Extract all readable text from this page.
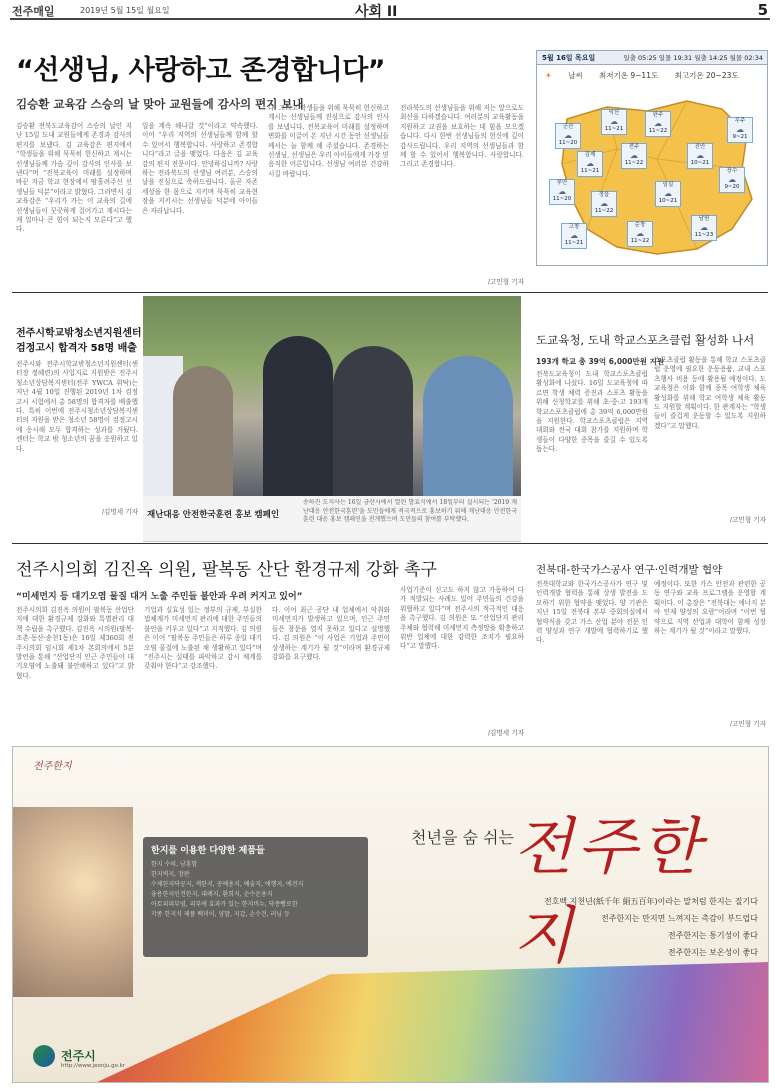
전주매일	2019년 5월 15일 월요일	사회 II	5
“선생님, 사랑하고 존경합니다”
김승환 교육감 스승의 날 맞아 교원들에 감사의 편지 보내
김승환 전북도교육감이 스승의 날인 지난 15일 도내 교원들에게 존경과 감사의 편지를 보냈다. 김 교육감은 편지에서 “학생들을 위해 묵묵히 헌신하고 계시는 선생님들께 가슴 깊이 감사의 인사를 보낸다”며 “전북교육이 미래를 설정하며 바꾼 지금 학교 현장에서 땀흘려주신 선생님들 덕분”이라고 밝혔다. 그러면서 김 교육감은 “우리가 가는 이 교육의 길에 선생님들이 꿋꿋하게 걸어가고 계시다는 게 얼마나 큰 힘이 되는지 모른다”고 했다.
일을 계속 해나갈 것”이라고 약속했다. 이어 “우리 지역의 선생님들께 함께 할 수 있어서 행복합니다. 사랑하고 존경합니다”라고 글을 맺었다. 다음은 김 교육감의 편지 전문이다. 안녕하십니까? 사랑하는 전라북도의 선생님 여러분, 스승의 날을 진심으로 축하드립니다. 올곧 자존 세상을 한 몸으로 지키며 묵묵히 교육현장을 지키시는 선생님들 덕분에 아이들은 자라납니다.
다. 그리고 학생들을 위해 묵묵히 헌신하고 계시는 선생님들께 진심으로 감사의 인사를 보냅니다. 전북교육이 미래를 설정하며 변화를 이끌어 온 지난 시간 동안 선생님들께서는 늘 함께 해 주셨습니다. 존경하는 선생님, 선생님은 우리 아이들에게 가장 믿음직한 어른입니다. 선생님 여러분 건강하시길 바랍니다.
전라북도의 선생님들을 위해 저는 앞으로도 최선을 다하겠습니다. 여러분의 교육활동을 지원하고 교권을 보호하는 데 힘을 모으겠습니다. 다시 한번 선생님들의 헌신에 깊이 감사드립니다. 우리 지역의 선생님들과 함께 할 수 있어서 행복합니다. 사랑합니다. 그리고 존경합니다.
/고민형 기자
5월 16일 목요일	일출 05:25 일몰 19:31 월출 14:25 월몰 02:34
☀ 날씨 최저기온 9~11도 최고기온 20~23도
군산
☁
11~20
익산
☁
11~21
완주
☁
11~22
진안
☁
10~21
무주
☁
9~21
김제
☁
11~21
전주
☁
11~22
장수
☁
9~20
부안
☁
11~20
정읍
☁
11~22
임실
☁
10~21
고창
☁
11~21
순창
☁
11~22
남원
☁
11~23
전주시학교밖청소년지원센터
검정고시 합격자 58명 배출
전주시와 전주시학교밖청소년지원센터(센터장 정혜련)의 사업지로 지원받은 전주시청소년상담복지센터(전주 YWCA 위탁)는 지난 4월 10일 진행된 2019년 1차 검정고시 시험에서 총 58명의 합격자를 배출했다. 특히 이번에 전주시청소년상담복지센터의 지원을 받은 청소년 58명이 검정고시에 응시해 모두 합격하는 성과를 거뒀다. 센터는 학교 밖 청소년의 꿈을 응원하고 있다.
/김명세 기자 재난대응 안전한국훈련 홍보 캠페인
송하진 도지사는 16일 금산사에서 열린 발효식에서 18일부터 실시되는 '2019 재난대응 안전한국훈련'을 도민들에게 적극적으로 홍보하기 위해 재난대응 안전한국훈련 대응 홍보 캠페인을 전개했으며 도민들의 참여를 부탁했다.
도교육청, 도내 학교스포츠클럽 활성화 나서
193개 학교 총 39억 6,000만원 지원
전북도교육청이 도내 학교스포츠클럽 활성화에 나섰다. 16일 도교육청에 따르면 학생 체력 증진과 스포츠 활동을 위해 신청학교를 위해 초·중·고 193개 학교스포츠클럽에 총 39억 6,000만원을 지원한다. 학교스포츠클럽은 지역 대회와 전국 대회 참가를 지원하며 학생들이 다양한 종목을 즐길 수 있도록 돕는다.
스포츠클럽 활동을 통해 학교 스포츠클럽 운영에 필요한 운동용품, 교내 스포츠행사 비용 등에 활용될 예정이다. 도교육청은 이와 함께 종목 여학생 체육 활성화를 위해 학교 여학생 체육 활동도 지원할 계획이다. 한 관계자는 “학생들이 즐겁게 운동할 수 있도록 지원하겠다”고 말했다.
/고민형 기자
전주시의회 김진옥 의원, 팔복동 산단 환경규제 강화 촉구
“미세먼지 등 대기오염 물질 대거 노출 주민들 불안과 우려 커지고 있어”
전주시의회 김진옥 의원이 팔복동 산업단지에 대한 환경규제 강화와 특별관리 대책 수립을 촉구했다. 김진옥 시의원(팔복·조촌·동산·송천1동)은 16일 제360회 전주시의회 임시회 제1차 본회의에서 5분 발언을 통해 “산업단지 인근 주민들이 대기오염에 노출돼 불안해하고 있다”고 밝혔다.
기업과 실효성 있는 정부의 규제, 부실한 법체계가 미세먼지 관리에 대한 주민들의 불안을 키우고 있다”고 지적했다. 김 의원은 이어 “팔복동 주민들은 하루 종일 대기오염 물질에 노출된 채 생활하고 있다”며 “전주시는 실태를 파악하고 감시 체계를 갖춰야 한다”고 강조했다.
다. 이어 최근 공단 내 업체에서 악취와 미세먼지가 발생하고 있으며, 인근 주민들은 창문을 열지 못하고 있다고 설명했다. 김 의원은 “이 사업은 기업과 주민이 상생하는 계기가 될 것”이라며 환경규제 강화를 요구했다.
사업기준이 신고도 하지 않고 가동하여 다가 적발되는 사례도 있어 주민들의 건강을 위협하고 있다”며 전주시의 적극적인 대응을 촉구했다. 김 의원은 또 “산업단지 관리 주체와 협력해 미세먼지 측정망을 확충하고 위반 업체에 대한 강력한 조치가 필요하다”고 말했다.
/김명세 기자
전북대-한국가스공사 연구·인력개발 협약
전북대학교와 한국가스공사가 연구 및 인력개발 협력을 통해 상생 발전을 도모하기 위한 협약을 맺었다. 양 기관은 지난 15일 전북대 본부 중회의실에서 협약식을 갖고 가스 산업 분야 전문 인력 양성과 연구 개발에 협력하기로 했다.
예정이다. 또한 가스 안전과 관련한 공동 연구와 교육 프로그램을 운영할 계획이다. 이 총장은 “전북대는 에너지 분야 인재 양성의 요람”이라며 “이번 협약으로 지역 산업과 대학이 함께 성장하는 계기가 될 것”이라고 말했다.
/고민형 기자
전주한지
천년을 숨 쉬는 전주한지
한지를 이용한 다양한 제품들

한지 수의, 남홍함

한지벽지, 장판

수제한지닥공지, 색한지, 공예용지, 예술지, 에행지, 애견지

융용한지인견한지, 대례지, 환희지, 순수운용지

아토피피부염, 피부에 효과가 있는 한지비누, 닥종빵로한

각종 한지식 제품 백미이, 양말, 지갑, 손수건, 러닝 등

전호백 지천년(紙千年 絹五百年)이라는 말처럼 한지는 질기다
전주한지는 만지면 느껴지는 촉감이 부드럽다
전주한지는 통기성이 좋다
전주한지는 보온성이 좋다
전주시
http://www.jeonju.go.kr
